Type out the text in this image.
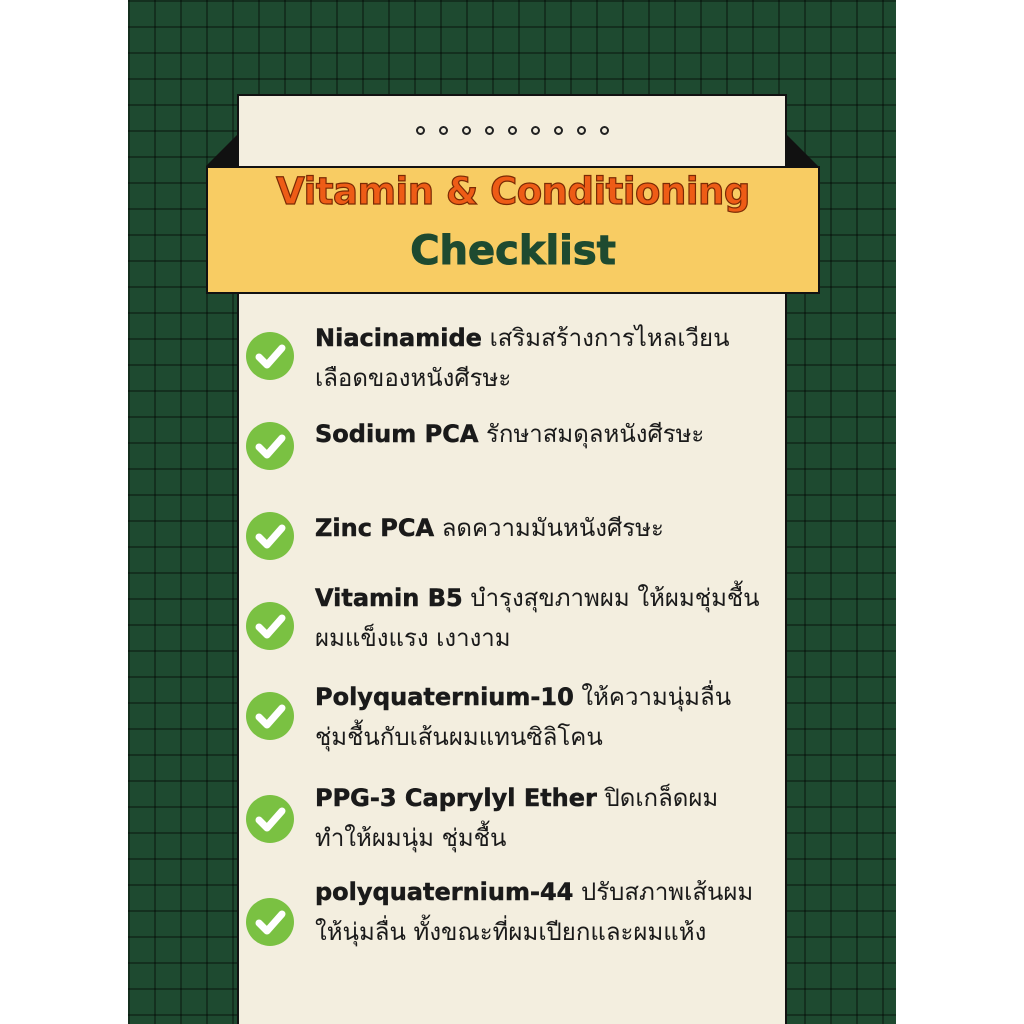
Vitamin & Conditioning
Checklist
Niacinamide เสริมสร้างการไหลเวียนเลือดของหนังศีรษะ
Sodium PCA รักษาสมดุลหนังศีรษะ
Zinc PCA ลดความมันหนังศีรษะ
Vitamin B5 บำรุงสุขภาพผม ให้ผมชุ่มชื้น ผมแข็งแรง เงางาม
Polyquaternium-10 ให้ความนุ่มลื่น ชุ่มชื้นกับเส้นผมแทนซิลิโคน
PPG-3 Caprylyl Ether ปิดเกล็ดผม ทำให้ผมนุ่ม ชุ่มชื้น
polyquaternium-44 ปรับสภาพเส้นผมให้นุ่มลื่น ทั้งขณะที่ผมเปียกและผมแห้ง
